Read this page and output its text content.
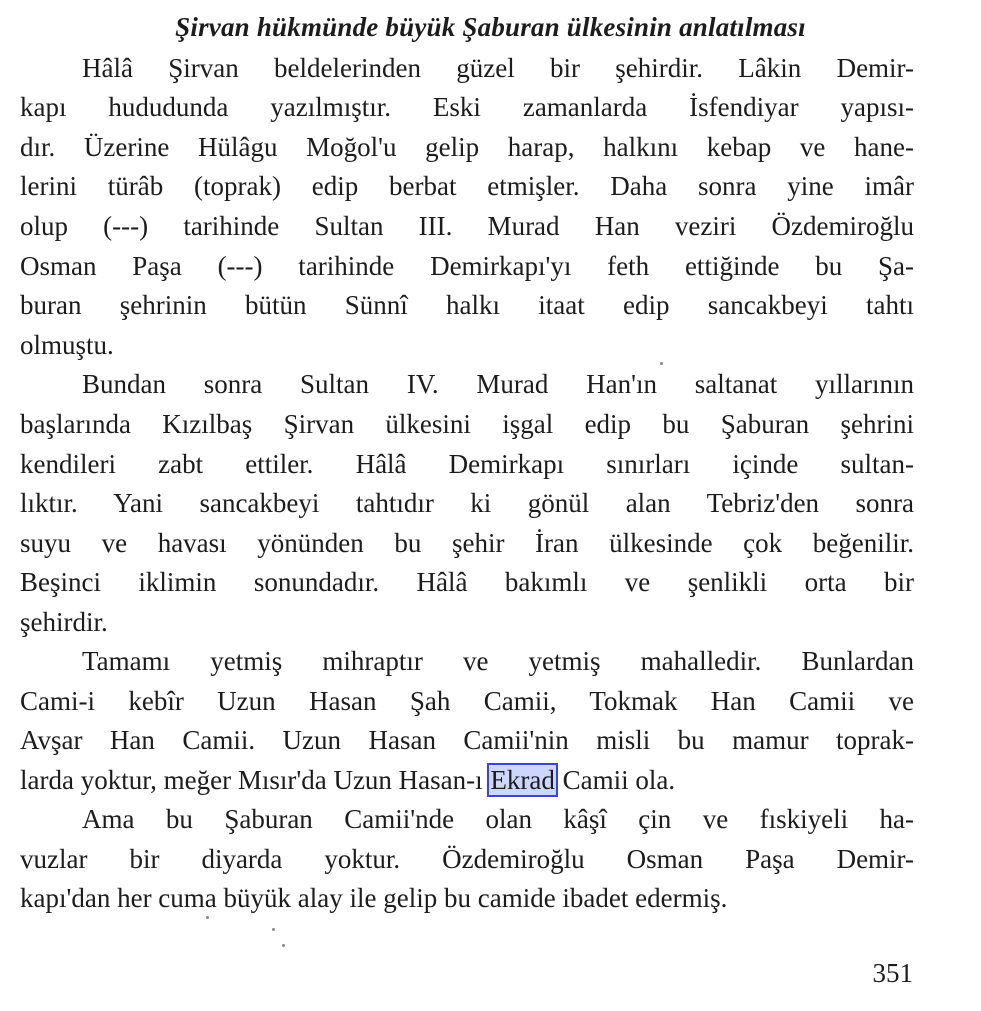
Şirvan hükmünde büyük Şaburan ülkesinin anlatılması
Hâlâ Şirvan beldelerinden güzel bir şehirdir. Lâkin Demir-
kapı hududunda yazılmıştır. Eski zamanlarda İsfendiyar yapısı-
dır. Üzerine Hülâgu Moğol'u gelip harap, halkını kebap ve hane-
lerini türâb (toprak) edip berbat etmişler. Daha sonra yine imâr
olup (---) tarihinde Sultan III. Murad Han veziri Özdemiroğlu
Osman Paşa (---) tarihinde Demirkapı'yı feth ettiğinde bu Şa-
buran şehrinin bütün Sünnî halkı itaat edip sancakbeyi tahtı
olmuştu.
Bundan sonra Sultan IV. Murad Han'ın saltanat yıllarının
başlarında Kızılbaş Şirvan ülkesini işgal edip bu Şaburan şehrini
kendileri zabt ettiler. Hâlâ Demirkapı sınırları içinde sultan-
lıktır. Yani sancakbeyi tahtıdır ki gönül alan Tebriz'den sonra
suyu ve havası yönünden bu şehir İran ülkesinde çok beğenilir.
Beşinci iklimin sonundadır. Hâlâ bakımlı ve şenlikli orta bir
şehirdir.
Tamamı yetmiş mihraptır ve yetmiş mahalledir. Bunlardan
Cami-i kebîr Uzun Hasan Şah Camii, Tokmak Han Camii ve
Avşar Han Camii. Uzun Hasan Camii'nin misli bu mamur toprak-
larda yoktur, meğer Mısır'da Uzun Hasan-ı Ekrad Camii ola.
Ama bu Şaburan Camii'nde olan kâşî çin ve fıskiyeli ha-
vuzlar bir diyarda yoktur. Özdemiroğlu Osman Paşa Demir-
kapı'dan her cuma büyük alay ile gelip bu camide ibadet edermiş.
351
